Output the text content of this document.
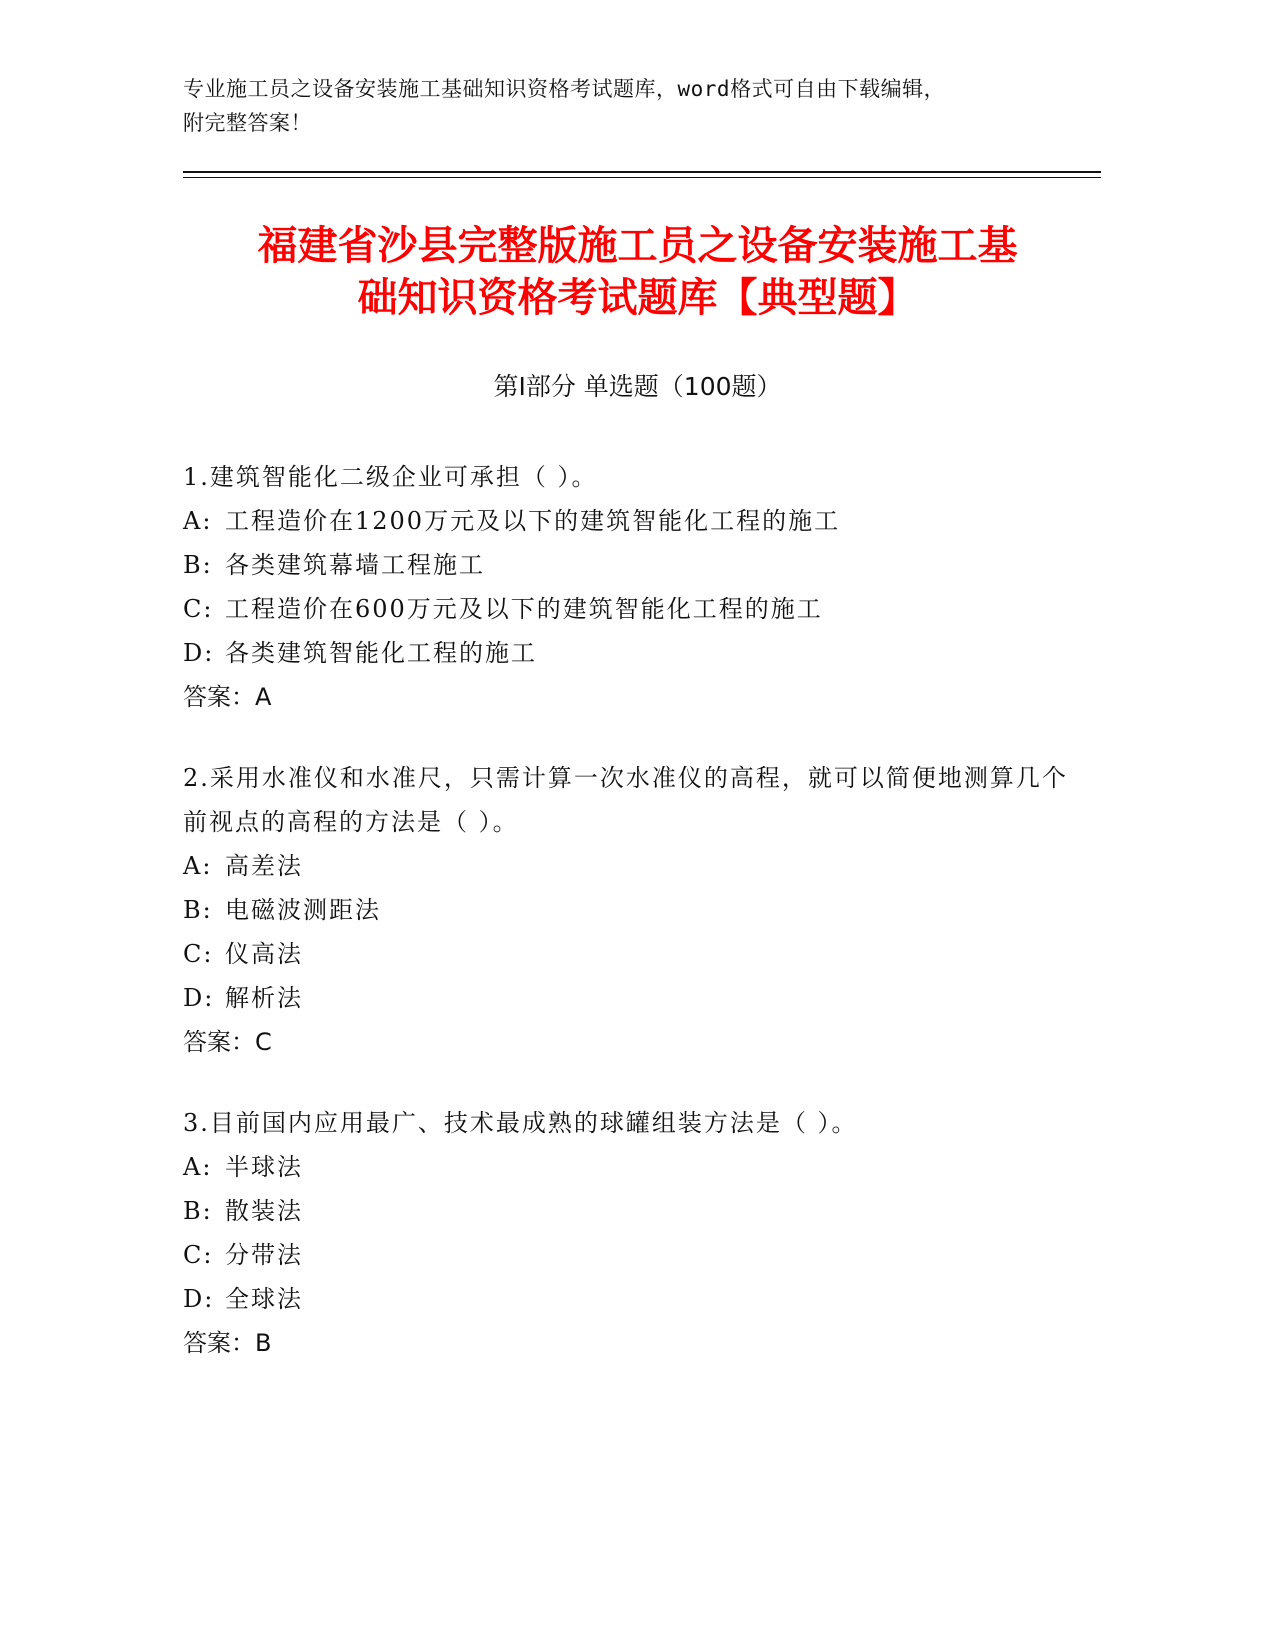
专业施工员之设备安装施工基础知识资格考试题库，word格式可自由下载编辑，
附完整答案！
福建省沙县完整版施工员之设备安装施工基
础知识资格考试题库【典型题】
第Ⅰ部分 单选题（100题）
1.建筑智能化二级企业可承担（ ）。
A: 工程造价在1200万元及以下的建筑智能化工程的施工
B: 各类建筑幕墙工程施工
C: 工程造价在600万元及以下的建筑智能化工程的施工
D: 各类建筑智能化工程的施工
答案：A
2.采用水准仪和水准尺，只需计算一次水准仪的高程，就可以简便地测算几个前视点的高程的方法是（ ）。
A: 高差法
B: 电磁波测距法
C: 仪高法
D: 解析法
答案：C
3.目前国内应用最广、技术最成熟的球罐组装方法是（ ）。
A: 半球法
B: 散装法
C: 分带法
D: 全球法
答案：B
